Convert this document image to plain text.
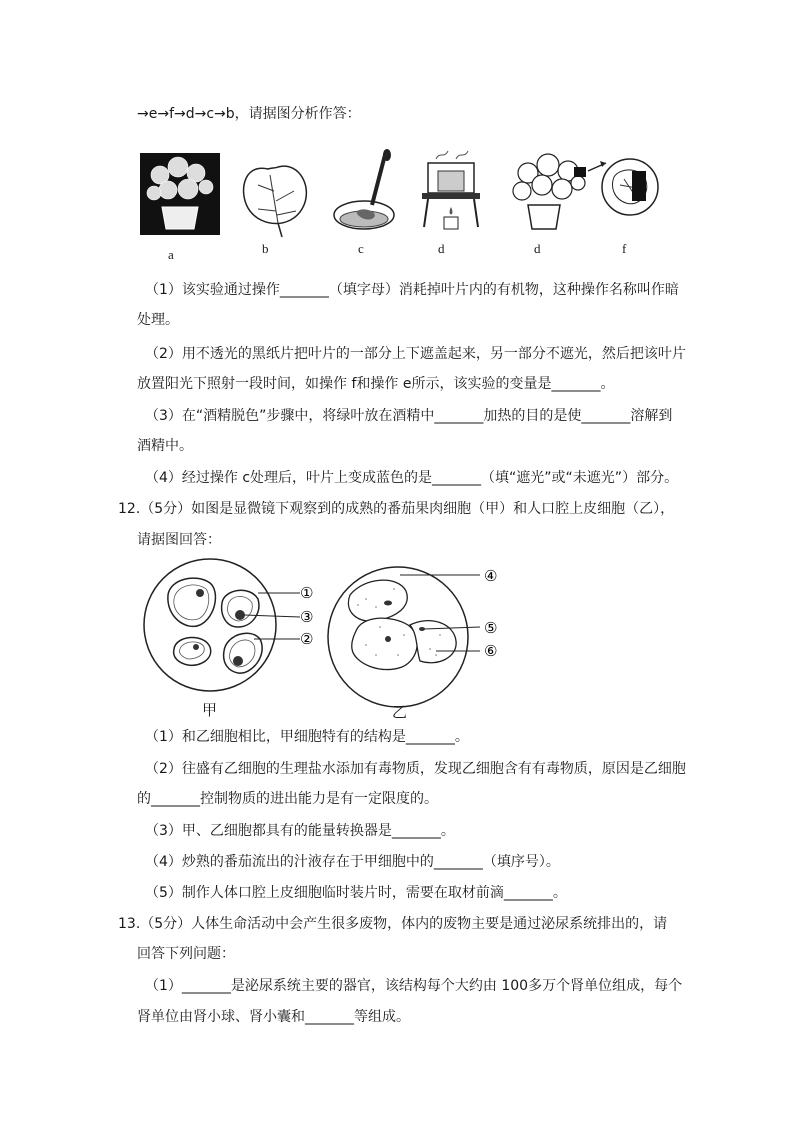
→e→f→d→c→b，请据图分析作答：
a	b	c	d	d	f
（1）该实验通过操作_______（填字母）消耗掉叶片内的有机物，这种操作名称叫作暗
处理。
（2）用不透光的黑纸片把叶片的一部分上下遮盖起来，另一部分不遮光，然后把该叶片
放置阳光下照射一段时间，如操作 f和操作 e所示，该实验的变量是_______。
（3）在“酒精脱色”步骤中，将绿叶放在酒精中_______加热的目的是使_______溶解到
酒精中。
（4）经过操作 c处理后，叶片上变成蓝色的是_______（填“遮光”或“未遮光”）部分。
12.（5分）如图是显微镜下观察到的成熟的番茄果肉细胞（甲）和人口腔上皮细胞（乙），
请据图回答：
①
③
②
④
⑤
⑥
甲	乙
（1）和乙细胞相比，甲细胞特有的结构是_______。
（2）往盛有乙细胞的生理盐水添加有毒物质，发现乙细胞含有有毒物质，原因是乙细胞
的_______控制物质的进出能力是有一定限度的。
（3）甲、乙细胞都具有的能量转换器是_______。
（4）炒熟的番茄流出的汁液存在于甲细胞中的_______（填序号）。
（5）制作人体口腔上皮细胞临时装片时，需要在取材前滴_______。
13.（5分）人体生命活动中会产生很多废物，体内的废物主要是通过泌尿系统排出的，请
回答下列问题：
（1）_______是泌尿系统主要的器官，该结构每个大约由 100多万个肾单位组成，每个
肾单位由肾小球、肾小囊和_______等组成。
